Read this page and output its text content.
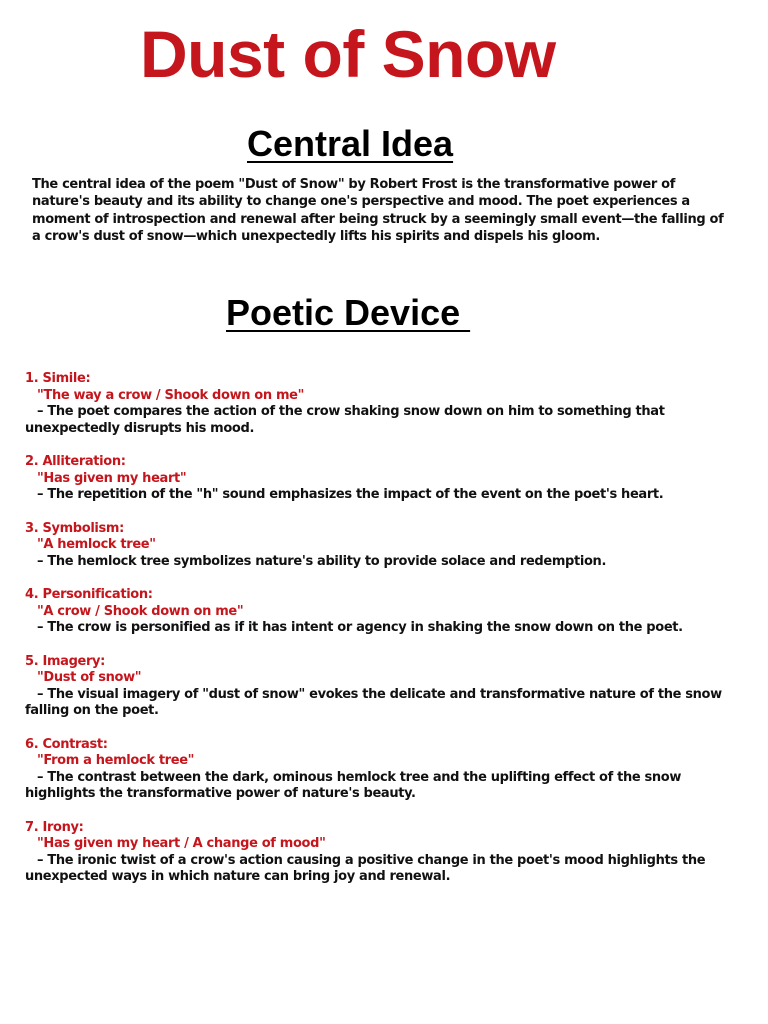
Dust of Snow
Central Idea

The central idea of the poem "Dust of Snow" by Robert Frost is the transformative power of nature's beauty and its ability to change one's perspective and mood. The poet experiences a moment of introspection and renewal after being struck by a seemingly small event—the falling of a crow's dust of snow—which unexpectedly lifts his spirits and dispels his gloom.

Poetic Device
1. Simile:
"The way a crow / Shook down on me"
– The poet compares the action of the crow shaking snow down on him to something that unexpectedly disrupts his mood.
2. Alliteration:
"Has given my heart"
– The repetition of the "h" sound emphasizes the impact of the event on the poet's heart.
3. Symbolism:
"A hemlock tree"
– The hemlock tree symbolizes nature's ability to provide solace and redemption.
4. Personification:
"A crow / Shook down on me"
– The crow is personified as if it has intent or agency in shaking the snow down on the poet.
5. Imagery:
"Dust of snow"
– The visual imagery of "dust of snow" evokes the delicate and transformative nature of the snow falling on the poet.
6. Contrast:
"From a hemlock tree"
– The contrast between the dark, ominous hemlock tree and the uplifting effect of the snow highlights the transformative power of nature's beauty.
7. Irony:
"Has given my heart / A change of mood"
– The ironic twist of a crow's action causing a positive change in the poet's mood highlights the unexpected ways in which nature can bring joy and renewal.
